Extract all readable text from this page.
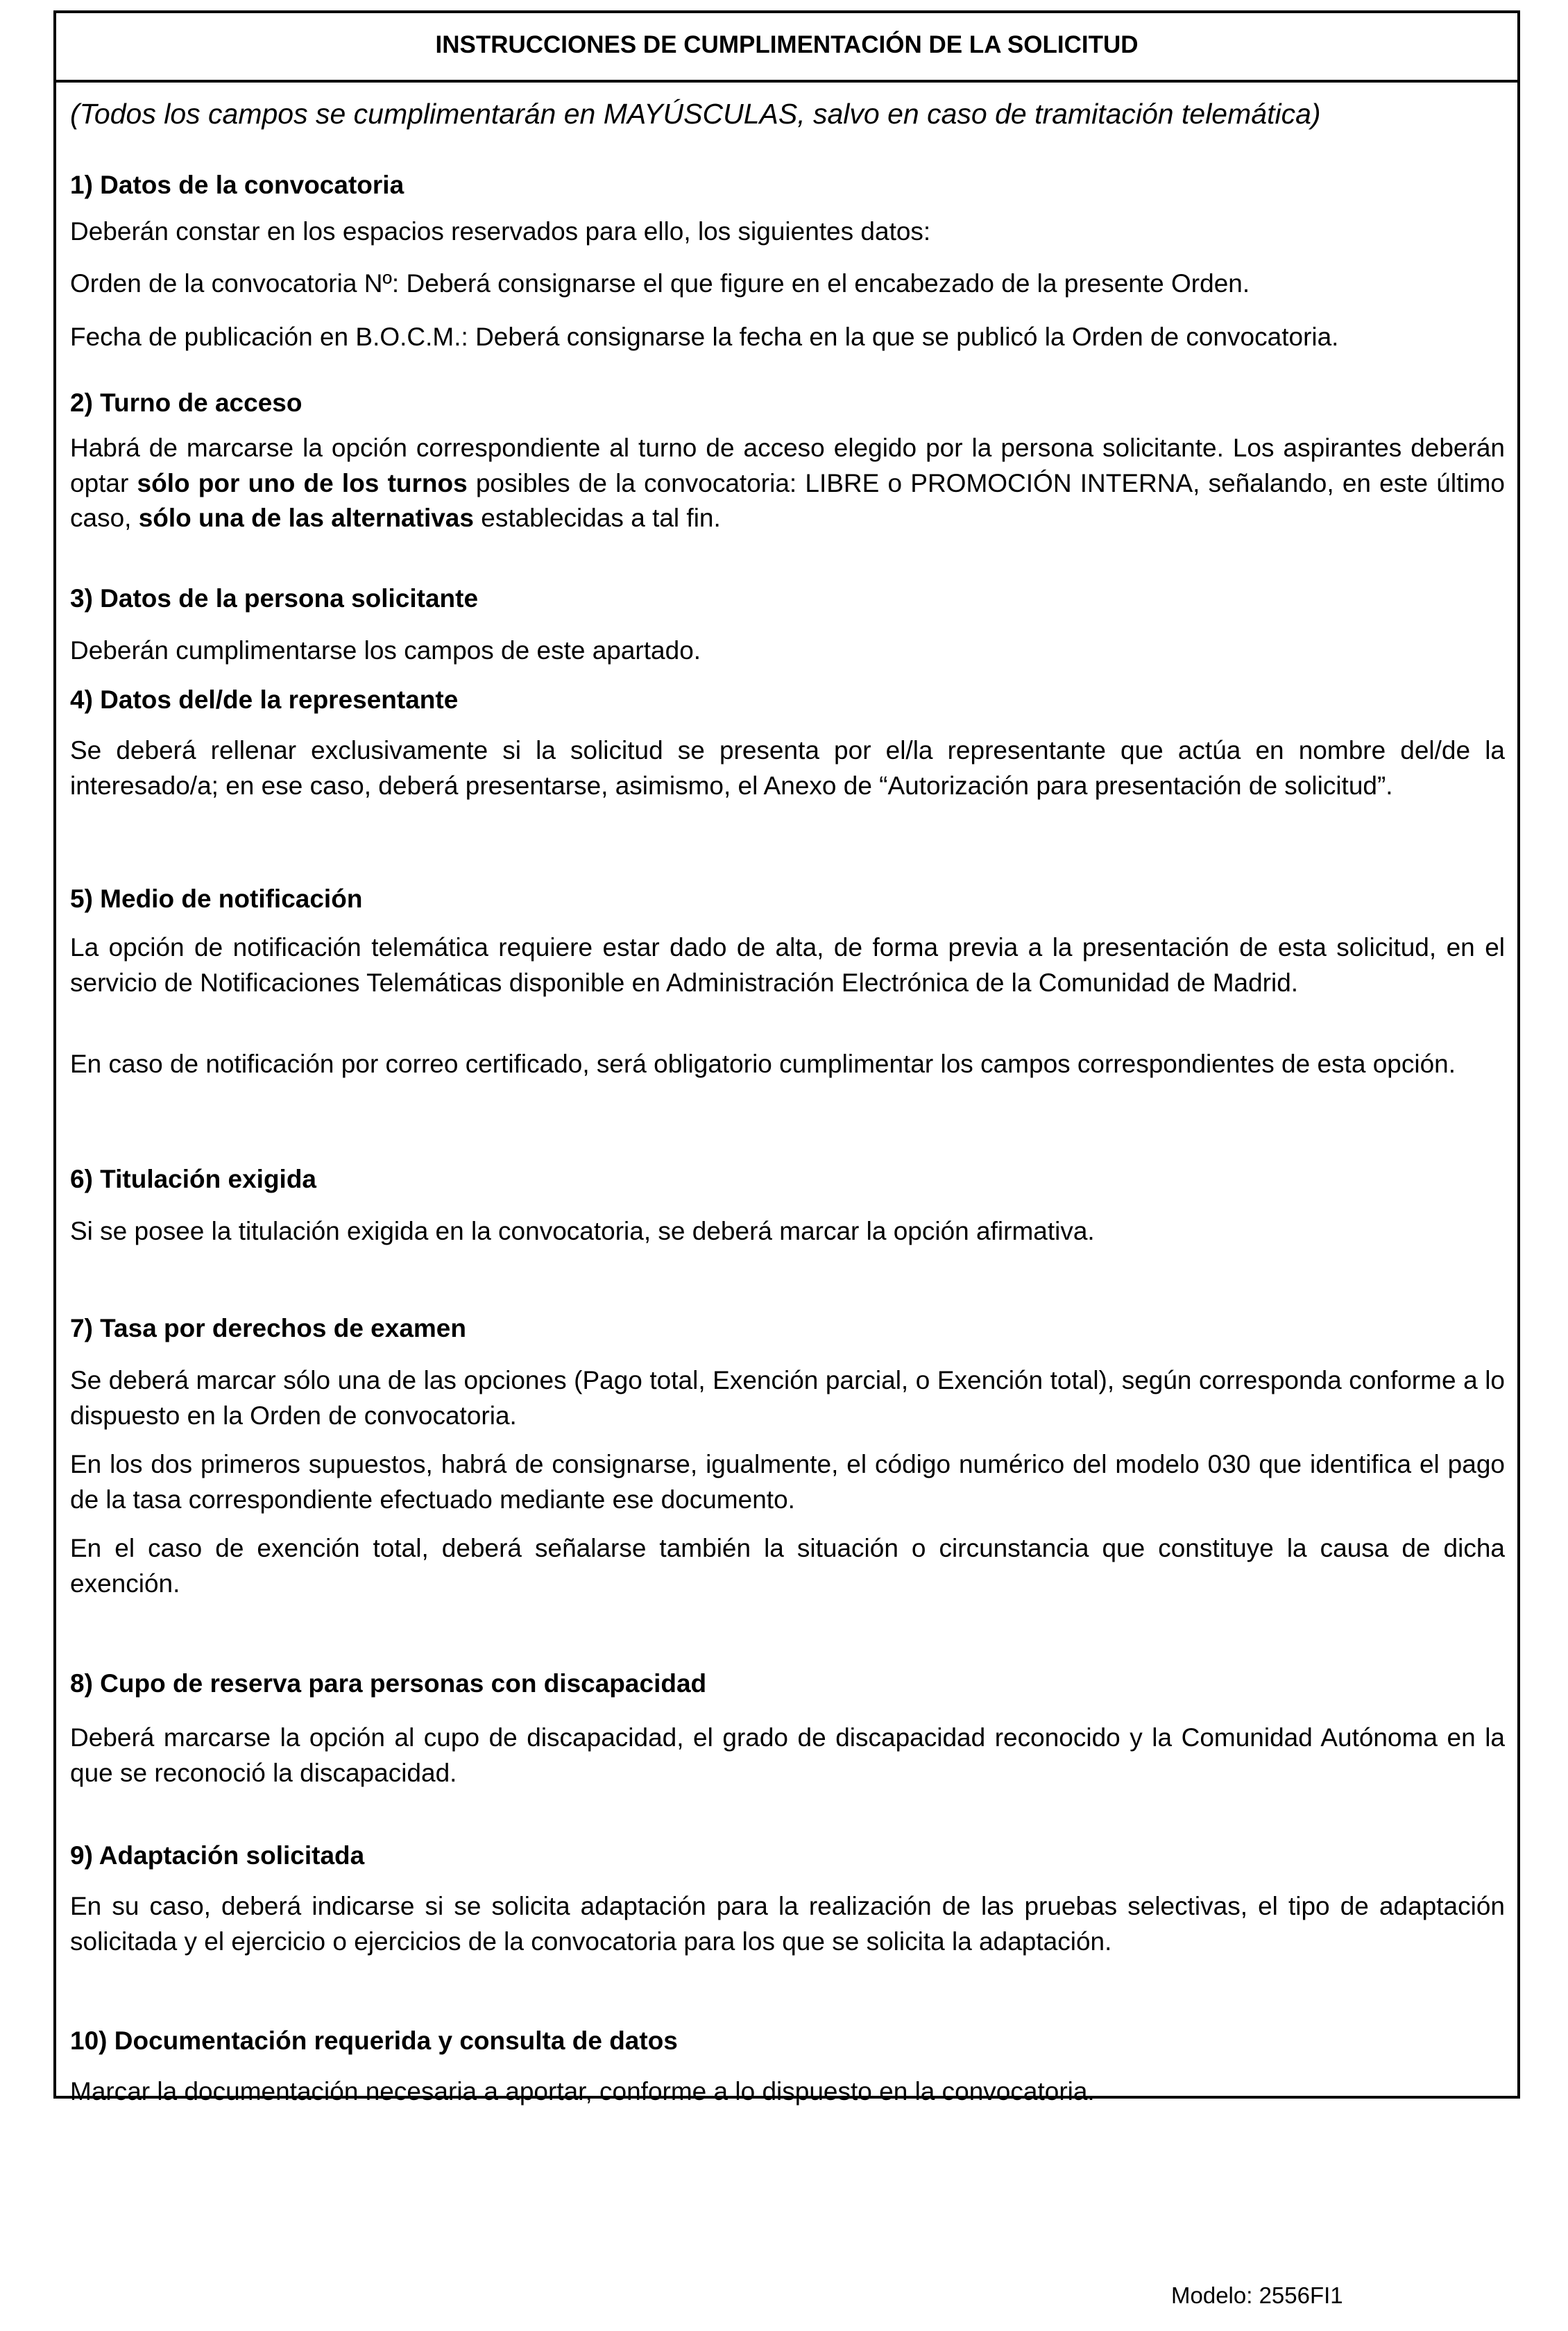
INSTRUCCIONES DE CUMPLIMENTACIÓN DE LA SOLICITUD
(Todos los campos se cumplimentarán en MAYÚSCULAS, salvo en caso de tramitación telemática)
1) Datos de la convocatoria
Deberán constar en los espacios reservados para ello, los siguientes datos:
Orden de la convocatoria Nº: Deberá consignarse el que figure en el encabezado de la presente Orden.
Fecha de publicación en B.O.C.M.: Deberá consignarse la fecha en la que se publicó la Orden de convocatoria.
2) Turno de acceso
Habrá de marcarse la opción correspondiente al turno de acceso elegido por la persona solicitante. Los aspirantes deberán optar sólo por uno de los turnos posibles de la convocatoria: LIBRE o PROMOCIÓN INTERNA, señalando, en este último caso, sólo una de las alternativas establecidas a tal fin.
3) Datos de la persona solicitante
Deberán cumplimentarse los campos de este apartado.
4) Datos del/de la representante
Se deberá rellenar exclusivamente si la solicitud se presenta por el/la representante que actúa en nombre del/de la interesado/a; en ese caso, deberá presentarse, asimismo, el Anexo de “Autorización para presentación de solicitud”.
5) Medio de notificación
La opción de notificación telemática requiere estar dado de alta, de forma previa a la presentación de esta solicitud, en el servicio de Notificaciones Telemáticas disponible en Administración Electrónica de la Comunidad de Madrid.
En caso de notificación por correo certificado, será obligatorio cumplimentar los campos correspondientes de esta opción.
6) Titulación exigida
Si se posee la titulación exigida en la convocatoria, se deberá marcar la opción afirmativa.
7) Tasa por derechos de examen
Se deberá marcar sólo una de las opciones (Pago total, Exención parcial, o Exención total), según corresponda conforme a lo dispuesto en la Orden de convocatoria.
En los dos primeros supuestos, habrá de consignarse, igualmente, el código numérico del modelo 030 que identifica el pago de la tasa correspondiente efectuado mediante ese documento.
En el caso de exención total, deberá señalarse también la situación o circunstancia que constituye la causa de dicha exención.
8) Cupo de reserva para personas con discapacidad
Deberá marcarse la opción al cupo de discapacidad, el grado de discapacidad reconocido y la Comunidad Autónoma en la que se reconoció la discapacidad.
9) Adaptación solicitada
En su caso, deberá indicarse si se solicita adaptación para la realización de las pruebas selectivas, el tipo de adaptación solicitada y el ejercicio o ejercicios de la convocatoria para los que se solicita la adaptación.
10) Documentación requerida y consulta de datos
Marcar la documentación necesaria a aportar, conforme a lo dispuesto en la convocatoria.
Modelo: 2556FI1
